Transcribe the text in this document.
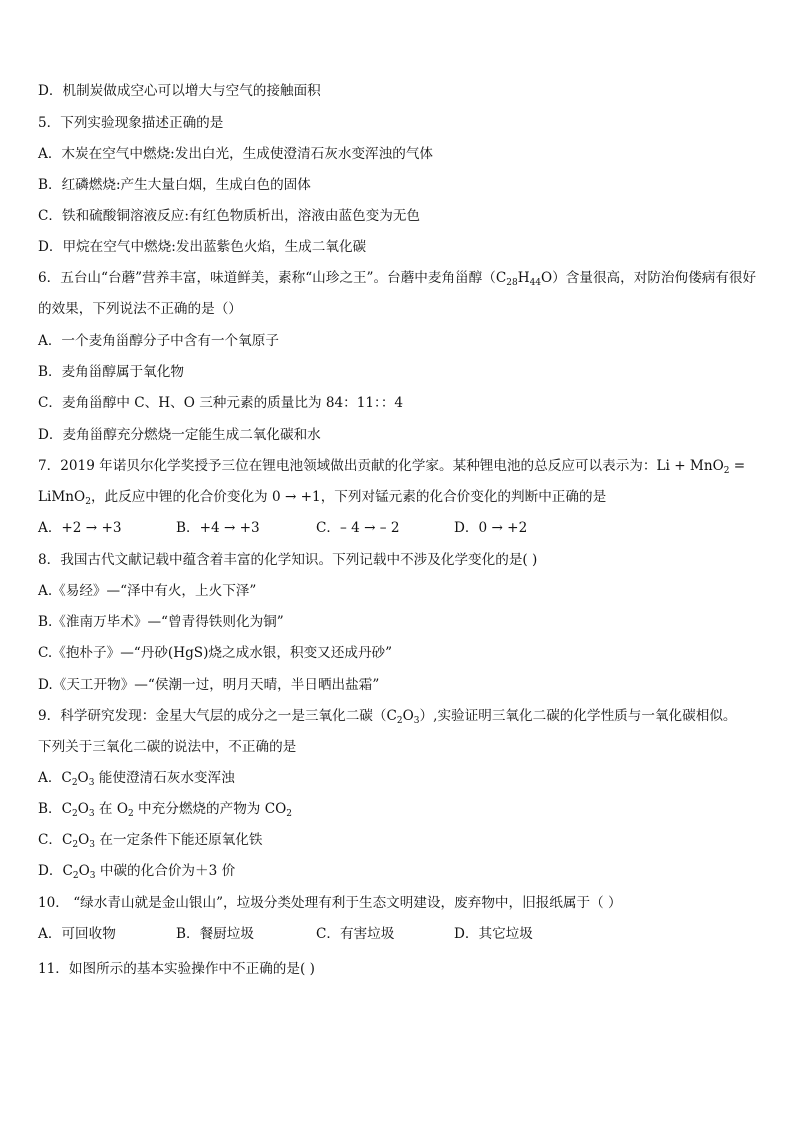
D．机制炭做成空心可以增大与空气的接触面积
5．下列实验现象描述正确的是
A．木炭在空气中燃烧:发出白光，生成使澄清石灰水变浑浊的气体
B．红磷燃烧:产生大量白烟，生成白色的固体
C．铁和硫酸铜溶液反应:有红色物质析出，溶液由蓝色变为无色
D．甲烷在空气中燃烧:发出蓝紫色火焰，生成二氧化碳
6．五台山“台蘑”营养丰富，味道鲜美，素称“山珍之王”。台蘑中麦角甾醇$(C_{28}H_{44}O)$含量很高，对防治佝偻病有很好
的效果，下列说法不正确的是（）
A．一个麦角甾醇分子中含有一个氧原子
B．麦角甾醇属于氧化物
C．麦角甾醇中 C、H、O 三种元素的质量比为 84：11：：4
D．麦角甾醇充分燃烧一定能生成二氧化碳和水
7．2019 年诺贝尔化学奖授予三位在锂电池领域做出贡献的化学家。某种锂电池的总反应可以表示为：Li + MnO$_2$ =
LiMnO$_2$，此反应中锂的化合价变化为 0 → +1，下列对锰元素的化合价变化的判断中正确的是
A．+2 → +3	B．+4 → +3	C．– 4 → – 2	D．0 → +2
8．我国古代文献记载中蕴含着丰富的化学知识。下列记载中不涉及化学变化的是( )
A.《易经》—“泽中有火，上火下泽”
B.《淮南万毕术》—“曾青得铁则化为铜”
C.《抱朴子》—“丹砂(HgS)烧之成水银，积变又还成丹砂”
D.《天工开物》—“侯潮一过，明月天晴，半日晒出盐霜”
9．科学研究发现：金星大气层的成分之一是三氧化二碳$(C_2O_3)$,实验证明三氧化二碳的化学性质与一氧化碳相似。
下列关于三氧化二碳的说法中，不正确的是
A．$C_2O_3$ 能使澄清石灰水变浑浊
B．$C_2O_3$ 在 $O_2$ 中充分燃烧的产物为 $CO_2$
C．$C_2O_3$ 在一定条件下能还原氧化铁
D．$C_2O_3$ 中碳的化合价为＋3 价
10． “绿水青山就是金山银山”，垃圾分类处理有利于生态文明建设，废弃物中，旧报纸属于（ ）
A．可回收物	B．餐厨垃圾	C．有害垃圾	D．其它垃圾
11．如图所示的基本实验操作中不正确的是( )
